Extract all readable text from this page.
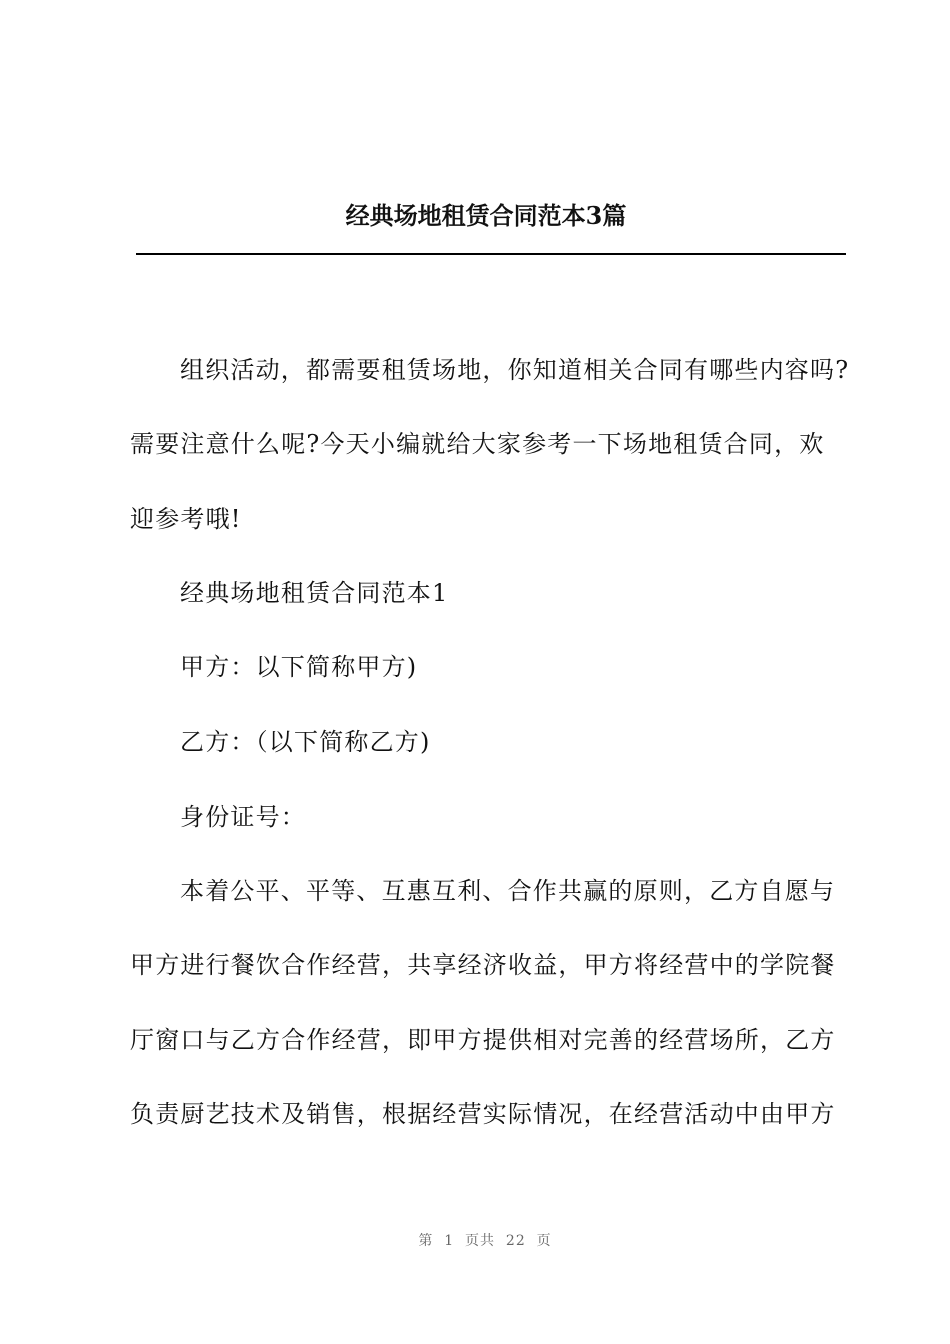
经典场地租赁合同范本3篇
组织活动，都需要租赁场地，你知道相关合同有哪些内容吗?
需要注意什么呢?今天小编就给大家参考一下场地租赁合同，欢
迎参考哦!
经典场地租赁合同范本1
甲方：以下简称甲方)
乙方：（以下简称乙方)
身份证号：
本着公平、平等、互惠互利、合作共赢的原则，乙方自愿与
甲方进行餐饮合作经营，共享经济收益，甲方将经营中的学院餐
厅窗口与乙方合作经营，即甲方提供相对完善的经营场所，乙方
负责厨艺技术及销售，根据经营实际情况，在经营活动中由甲方
第  1  页共  22  页
